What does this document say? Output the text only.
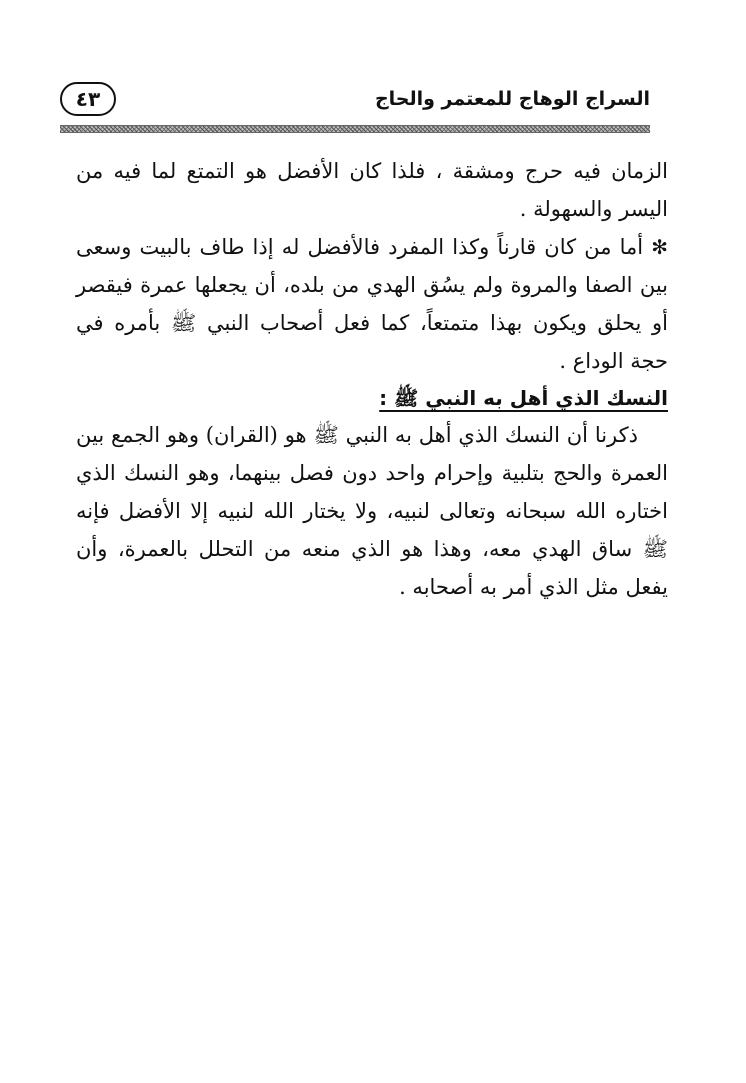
٤٣	السراج الوهاج للمعتمر والحاج

الزمان فيه حرج ومشقة ، فلذا كان الأفضل هو التمتع لما فيه من اليسر والسهولة .

✻ أما من كان قارناً وكذا المفرد فالأفضل له إذا طاف بالبيت وسعى بين الصفا والمروة ولم يسُق الهدي من بلده، أن يجعلها عمرة فيقصر أو يحلق ويكون بهذا متمتعاً، كما فعل أصحاب النبي ﷺ بأمره في حجة الوداع .

النسك الذي أهل به النبي ﷺ :

ذكرنا أن النسك الذي أهل به النبي ﷺ هو (القران) وهو الجمع بين العمرة والحج بتلبية وإحرام واحد دون فصل بينهما، وهو النسك الذي اختاره الله سبحانه وتعالى لنبيه، ولا يختار الله لنبيه إلا الأفضل فإنه ﷺ ساق الهدي معه، وهذا هو الذي منعه من التحلل بالعمرة، وأن يفعل مثل الذي أمر به أصحابه .
